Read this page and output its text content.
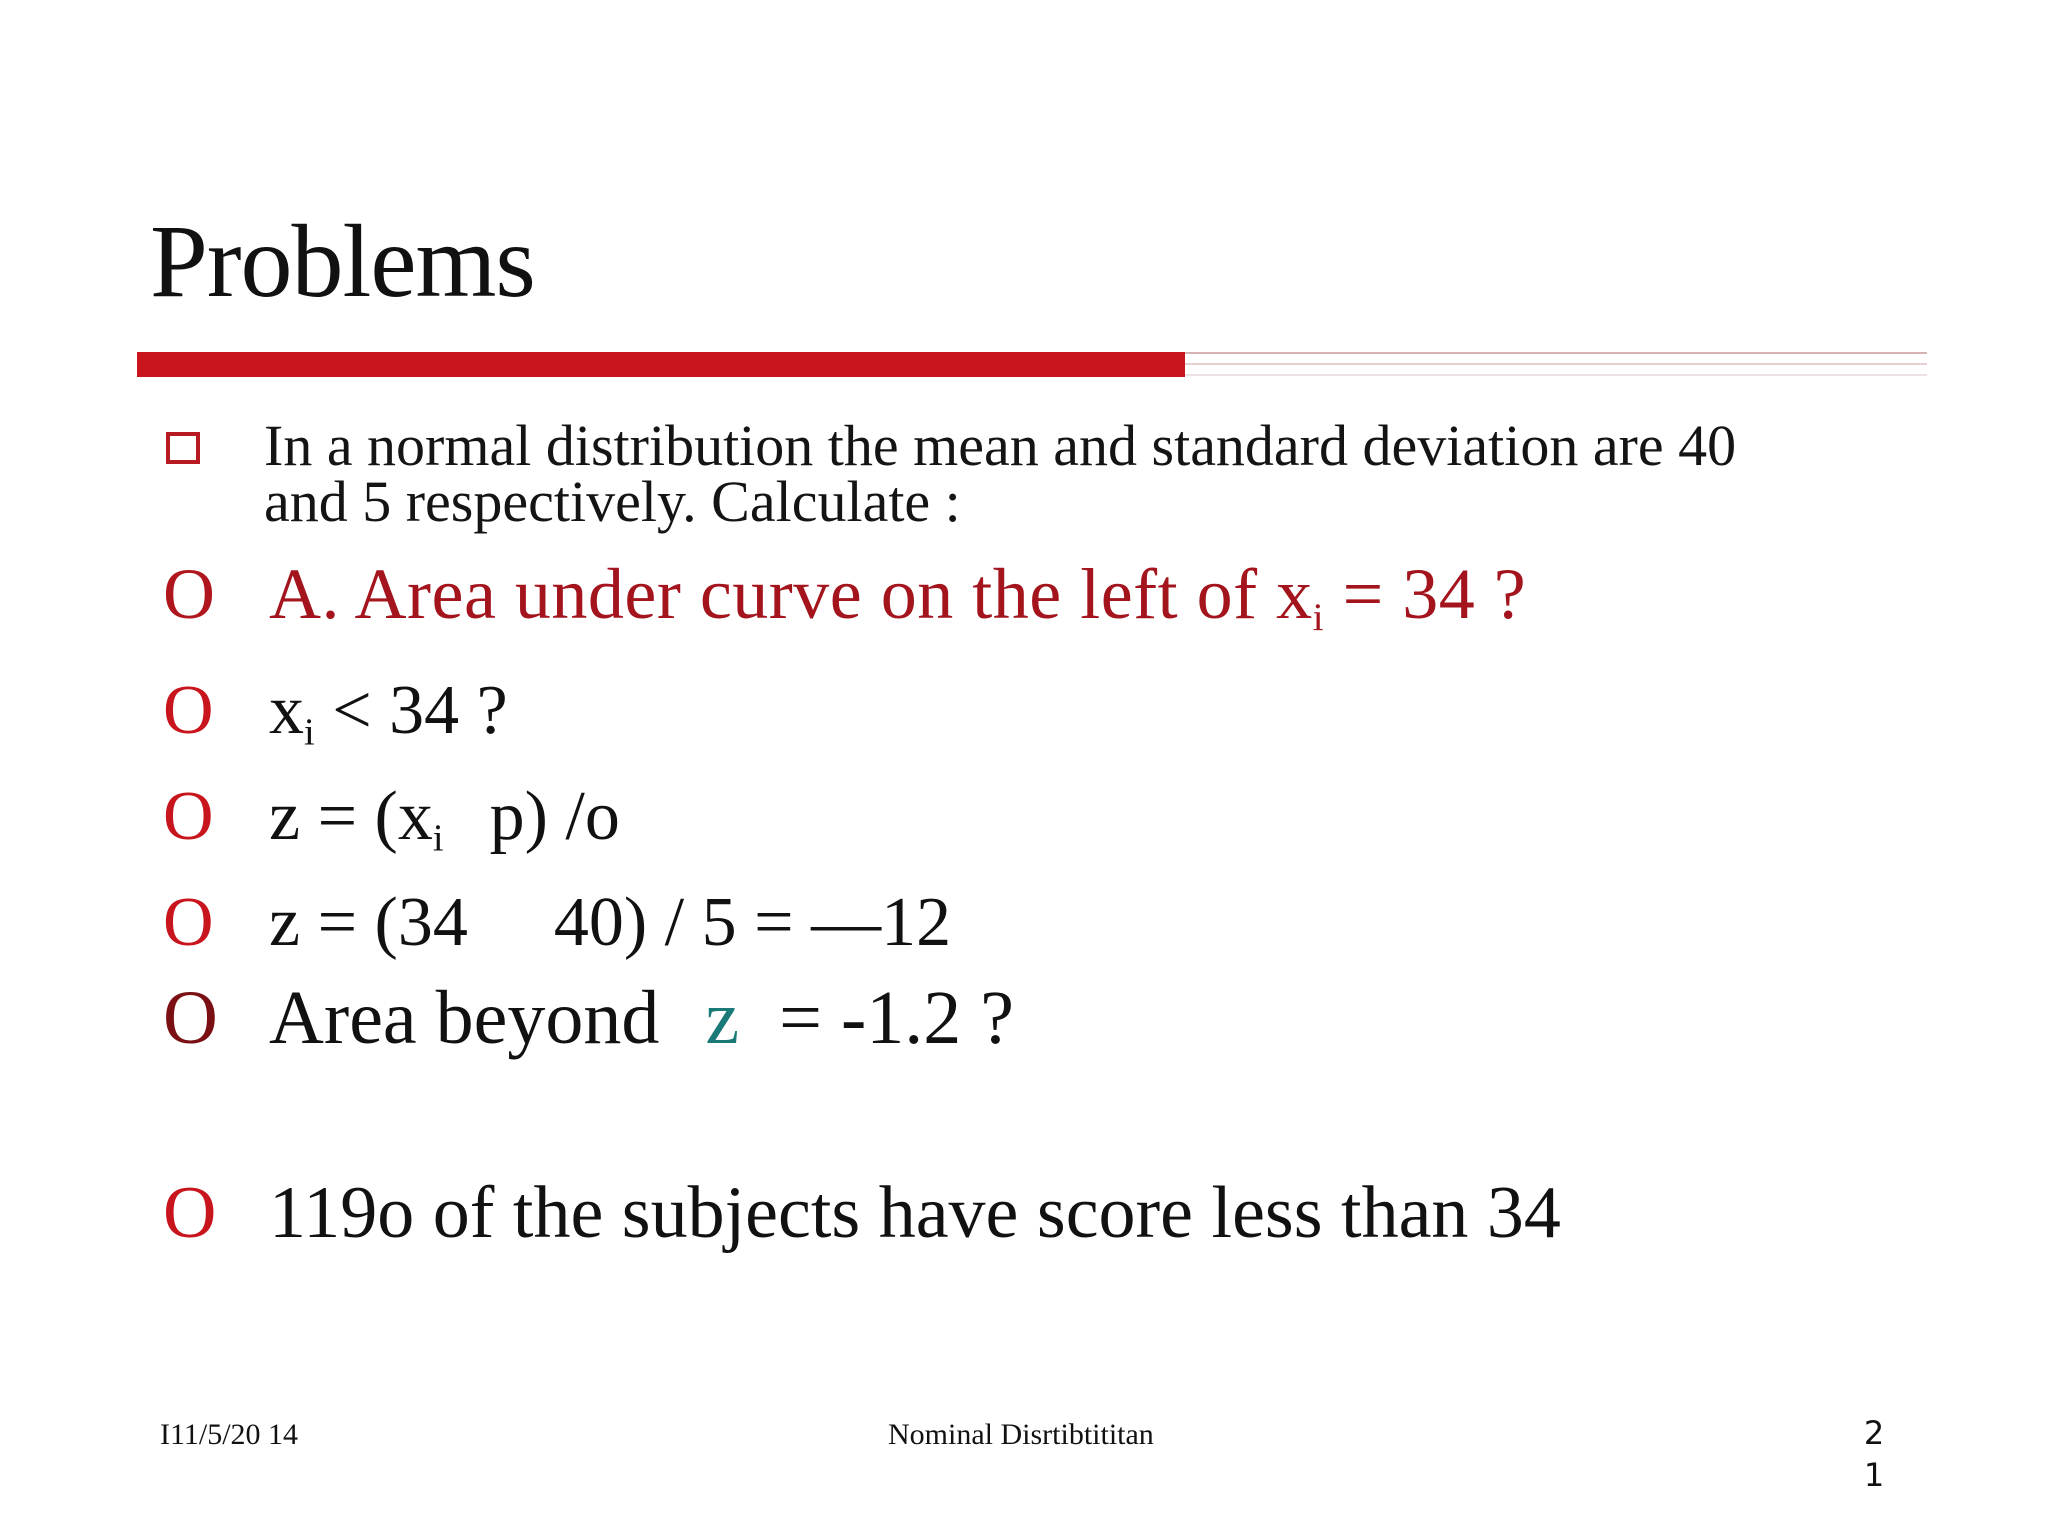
Problems
In a normal distribution the mean and standard deviation are 40
and 5 respectively. Calculate :
O A. Area under curve on the left of $x_i = 34$ ?
O $x_i < 34$ ?
O $z = (x_i$ p) /o
O z = (34 40) / 5 = —12
O Area beyond z = -1.2 ?
O 119o of the subjects have score less than 34
I11/5/20 14	Nominal Disrtibtititan	2
1
